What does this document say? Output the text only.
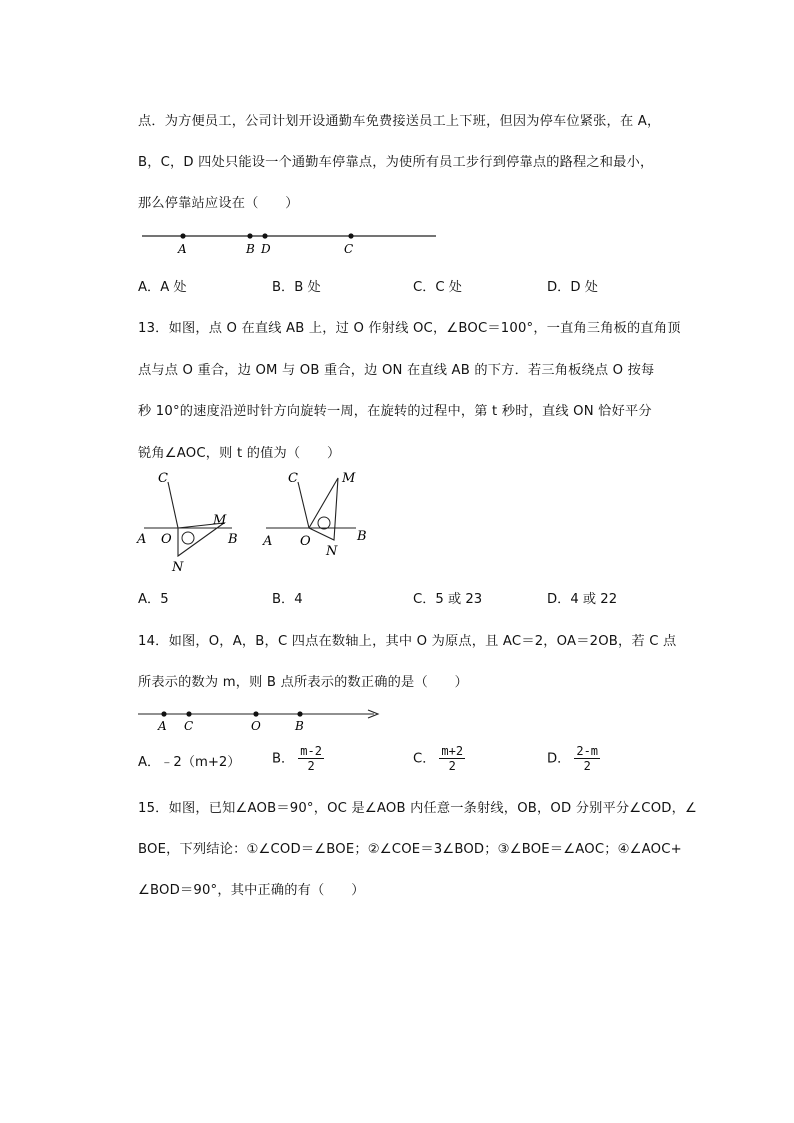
点．为方便员工，公司计划开设通勤车免费接送员工上下班，但因为停车位紧张，在 A，
B，C，D 四处只能设一个通勤车停靠点，为使所有员工步行到停靠点的路程之和最小，
那么停靠站应设在（　　）
A	B D	C
A．A 处	B．B 处	C．C 处	D．D 处
13．如图，点 O 在直线 AB 上，过 O 作射线 OC，∠BOC＝100°，一直角三角板的直角顶
点与点 O 重合，边 OM 与 OB 重合，边 ON 在直线 AB 的下方．若三角板绕点 O 按每
秒 10°的速度沿逆时针方向旋转一周，在旋转的过程中，第 t 秒时，直线 ON 恰好平分
锐角∠AOC，则 t 的值为（　　）
C
M
A O	B
N
C	M
A O
N
B
A．5	B．4	C．5 或 23	D．4 或 22
14．如图，O，A，B，C 四点在数轴上，其中 O 为原点，且 AC＝2，OA＝2OB，若 C 点
所表示的数为 m，则 B 点所表示的数正确的是（　　）
A C	O	B
A．﹣2（m+2） B． $\frac{m-2}{2}$	C． $\frac{m+2}{2}$	D． $\frac{2-m}{2}$
15．如图，已知∠AOB＝90°，OC 是∠AOB 内任意一条射线，OB，OD 分别平分∠COD，∠
BOE，下列结论：①∠COD＝∠BOE；②∠COE＝3∠BOD；③∠BOE＝∠AOC；④∠AOC+
∠BOD＝90°，其中正确的有（　　）
